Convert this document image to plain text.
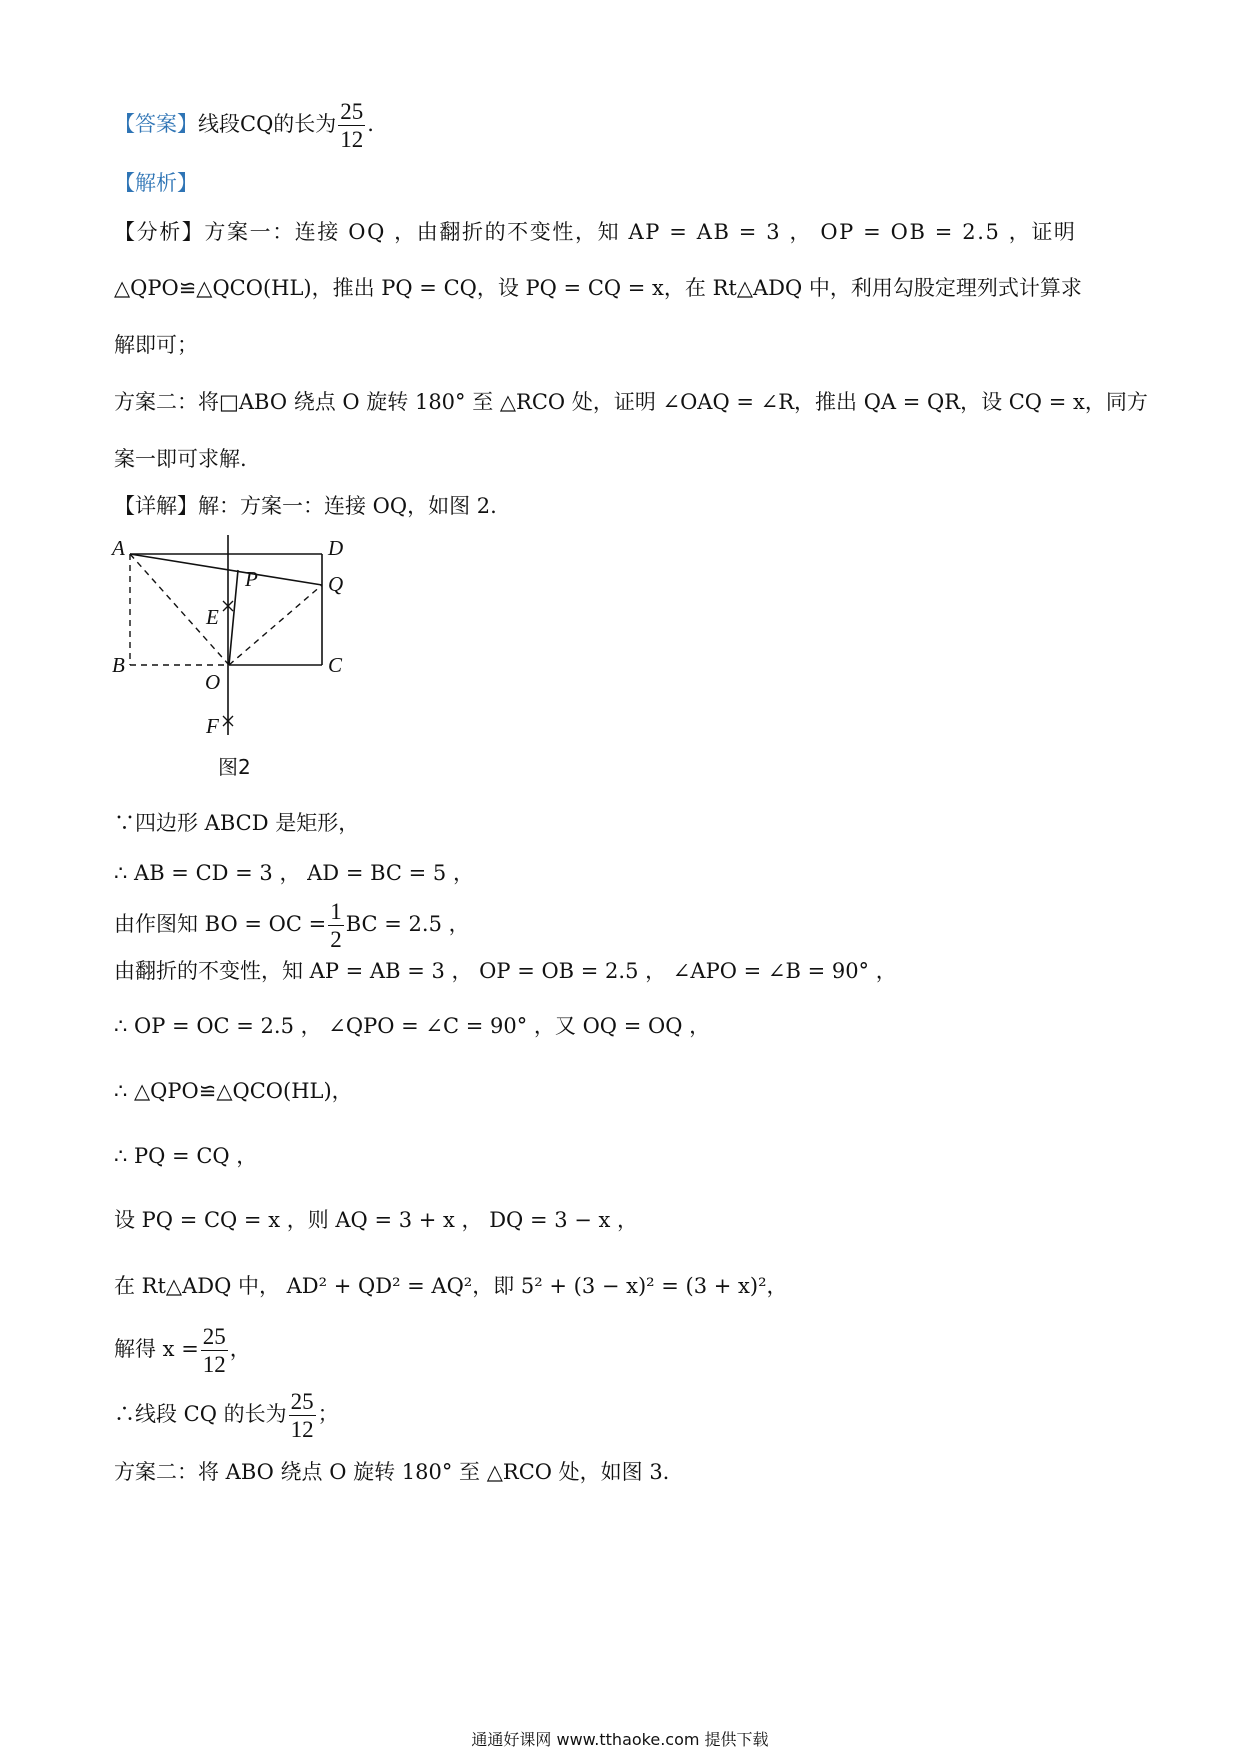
【答案】线段CQ的长为 $\frac{25}{12}$ .
【解析】
【分析】方案一：连接 OQ ，由翻折的不变性，知 AP = AB = 3 ， OP = OB = 2.5 ，证明
△QPO≌△QCO(HL)，推出 PQ = CQ，设 PQ = CQ = x，在 Rt△ADQ 中，利用勾股定理列式计算求
解即可；
方案二：将□ABO 绕点 O 旋转 180° 至 △RCO 处，证明 ∠OAQ = ∠R，推出 QA = QR，设 CQ = x，同方
案一即可求解.
【详解】解：方案一：连接 OQ，如图 2.
A	D
Q
P
E
B	C
O
F
图2
∵四边形 ABCD 是矩形，
∴ AB = CD = 3 ， AD = BC = 5 ，
由作图知 BO = OC = $\frac{1}{2}$ BC = 2.5 ，
由翻折的不变性，知 AP = AB = 3 ， OP = OB = 2.5 ， ∠APO = ∠B = 90° ，
∴ OP = OC = 2.5 ， ∠QPO = ∠C = 90° ，又 OQ = OQ ，
∴ △QPO≌△QCO(HL)，
∴ PQ = CQ ，
设 PQ = CQ = x ，则 AQ = 3 + x ， DQ = 3 − x ，
在 Rt△ADQ 中， AD² + QD² = AQ²，即 5² + (3 − x)² = (3 + x)²，
解得 $x = \frac{25}{12}$ ，
∴线段 CQ 的长为 $\frac{25}{12}$ ；
方案二：将 ABO 绕点 O 旋转 180° 至 △RCO 处，如图 3.
通通好课网 www.tthaoke.com 提供下载
